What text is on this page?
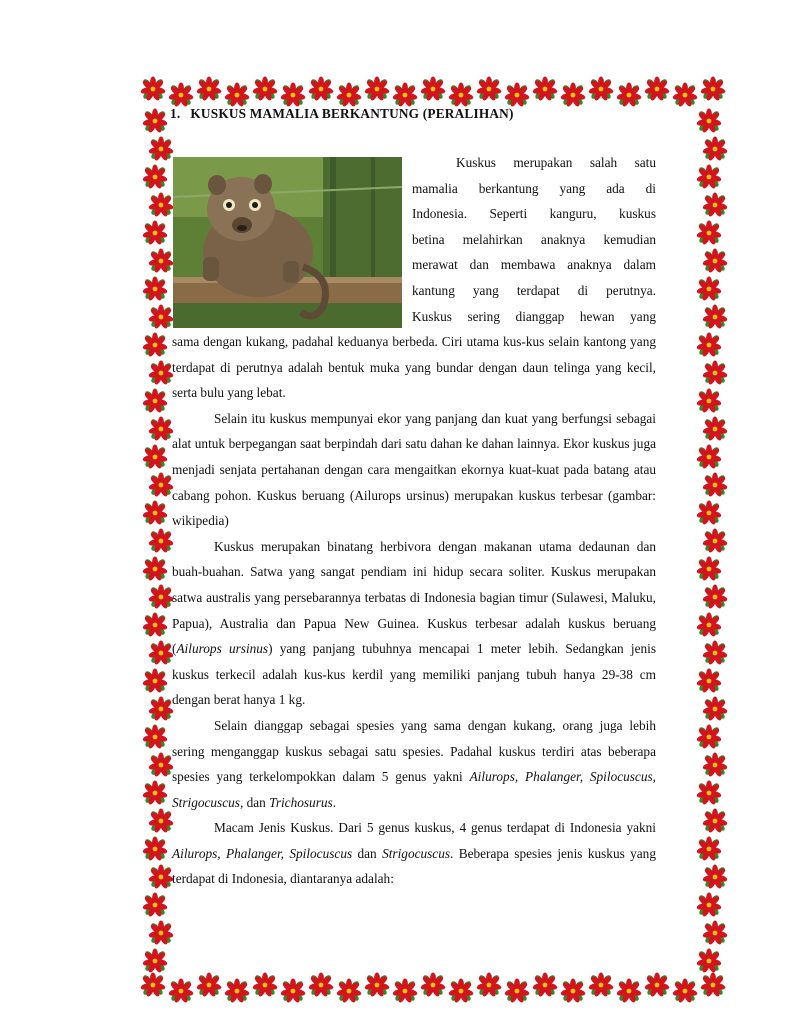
1. KUSKUS MAMALIA BERKANTUNG (PERALIHAN)
Kuskus merupakan salah satu
mamalia berkantung yang ada di
Indonesia. Seperti kanguru, kuskus
betina melahirkan anaknya kemudian
merawat dan membawa anaknya dalam
kantung yang terdapat di perutnya.
Kuskus sering dianggap hewan yang

sama dengan kukang, padahal keduanya berbeda. Ciri utama kus-kus selain kantong yang terdapat di perutnya adalah bentuk muka yang bundar dengan daun telinga yang kecil, serta bulu yang lebat.

Selain itu kuskus mempunyai ekor yang panjang dan kuat yang berfungsi sebagai alat untuk berpegangan saat berpindah dari satu dahan ke dahan lainnya. Ekor kuskus juga menjadi senjata pertahanan dengan cara mengaitkan ekornya kuat-kuat pada batang atau cabang pohon. Kuskus beruang (Ailurops ursinus) merupakan kuskus terbesar (gambar: wikipedia)

Kuskus merupakan binatang herbivora dengan makanan utama dedaunan dan buah-buahan. Satwa yang sangat pendiam ini hidup secara soliter. Kuskus merupakan satwa australis yang persebarannya terbatas di Indonesia bagian timur (Sulawesi, Maluku, Papua), Australia dan Papua New Guinea. Kuskus terbesar adalah kuskus beruang (Ailurops ursinus) yang panjang tubuhnya mencapai 1 meter lebih. Sedangkan jenis kuskus terkecil adalah kus-kus kerdil yang memiliki panjang tubuh hanya 29-38 cm dengan berat hanya 1 kg.

Selain dianggap sebagai spesies yang sama dengan kukang, orang juga lebih sering menganggap kuskus sebagai satu spesies. Padahal kuskus terdiri atas beberapa spesies yang terkelompokkan dalam 5 genus yakni Ailurops, Phalanger, Spilocuscus, Strigocuscus, dan Trichosurus.

Macam Jenis Kuskus. Dari 5 genus kuskus, 4 genus terdapat di Indonesia yakni Ailurops, Phalanger, Spilocuscus dan Strigocuscus. Beberapa spesies jenis kuskus yang terdapat di Indonesia, diantaranya adalah:
